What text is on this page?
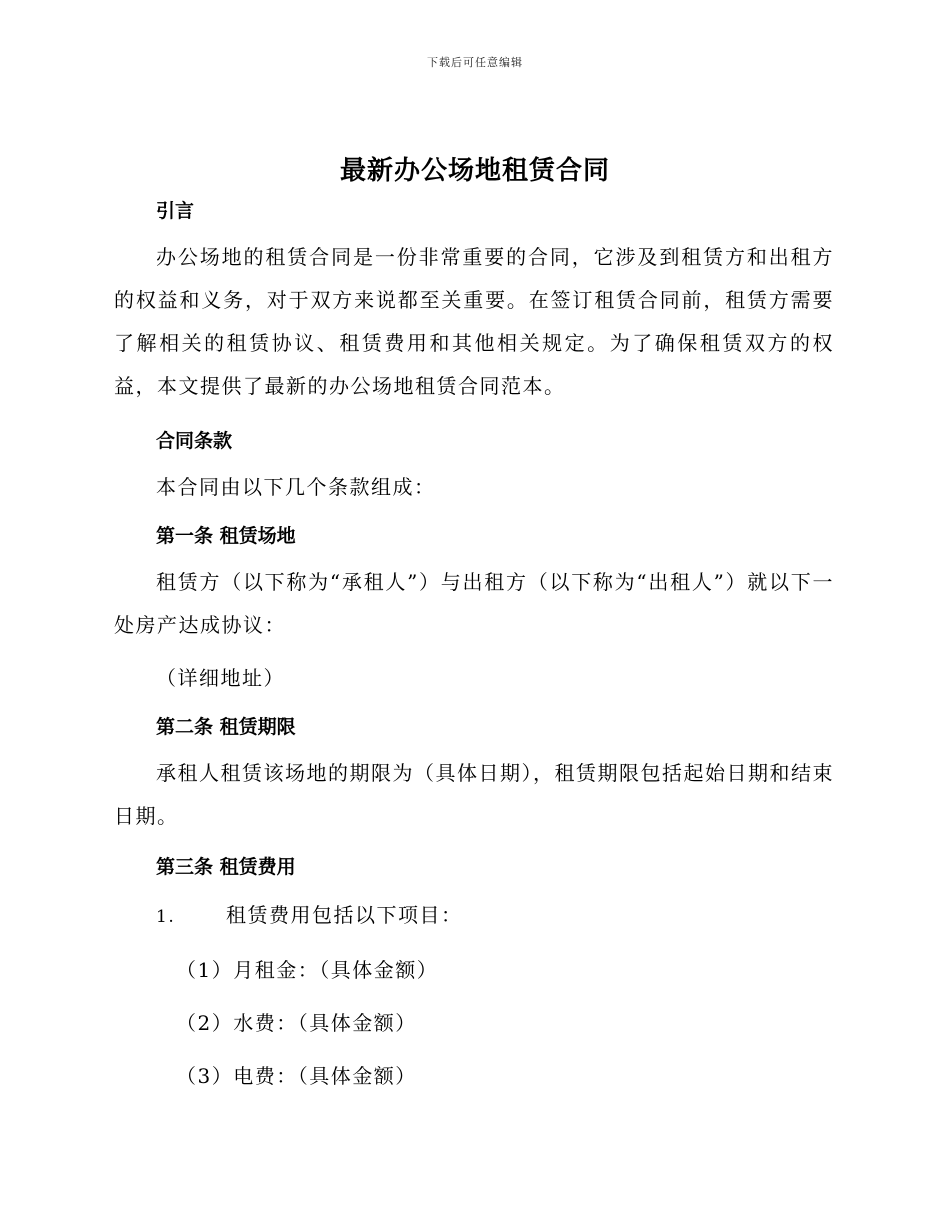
下载后可任意编辑
最新办公场地租赁合同
引言

办公场地的租赁合同是一份非常重要的合同，它涉及到租赁方和出租方的权益和义务，对于双方来说都至关重要。在签订租赁合同前，租赁方需要了解相关的租赁协议、租赁费用和其他相关规定。为了确保租赁双方的权益，本文提供了最新的办公场地租赁合同范本。

合同条款

本合同由以下几个条款组成：

第一条 租赁场地

租赁方（以下称为“承租人”）与出租方（以下称为“出租人”）就以下一处房产达成协议：

（详细地址）
第二条 租赁期限

承租人租赁该场地的期限为（具体日期），租赁期限包括起始日期和结束日期。

第三条 租赁费用
1.	租赁费用包括以下项目：
（1）月租金：（具体金额）
（2）水费：（具体金额）
（3）电费：（具体金额）
